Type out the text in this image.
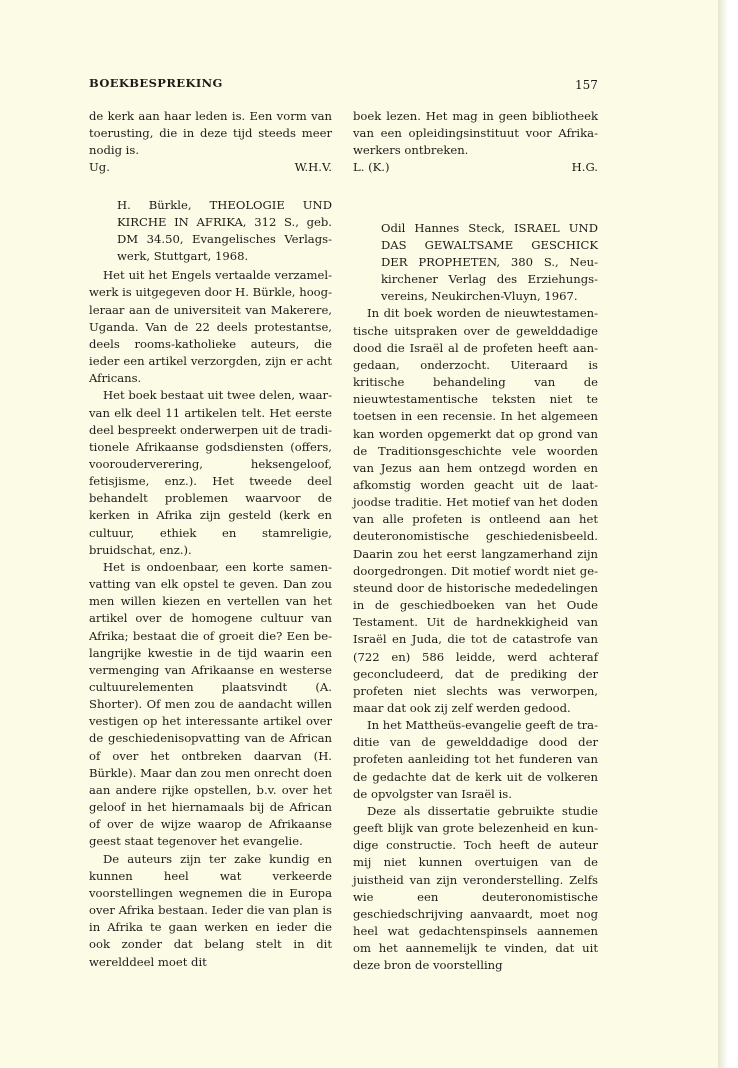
BOEKBESPREKING	157

de kerk aan haar leden is. Een vorm van toerusting, die in deze tijd steeds meer nodig is.

Ug.	W.H.V.

H. Bürkle, THEOLOGIE UND KIRCHE IN AFRIKA, 312 S., geb. DM 34.50, Evangelisches Verlagswerk, Stuttgart, 1968.

Het uit het Engels vertaalde verzamelwerk is uitgegeven door H. Bürkle, hoogleraar aan de universiteit van Makerere, Uganda. Van de 22 deels protestantse, deels rooms-katholieke auteurs, die ieder een artikel verzorgden, zijn er acht Africans.

Het boek bestaat uit twee delen, waarvan elk deel 11 artikelen telt. Het eerste deel bespreekt onderwerpen uit de traditionele Afrikaanse godsdiensten (offers, voorouderverering, heksengeloof, fetisjisme, enz.). Het tweede deel behandelt problemen waarvoor de kerken in Afrika zijn gesteld (kerk en cultuur, ethiek en stamreligie, bruidschat, enz.).

Het is ondoenbaar, een korte samenvatting van elk opstel te geven. Dan zou men willen kiezen en vertellen van het artikel over de homogene cultuur van Afrika; bestaat die of groeit die? Een belangrijke kwestie in de tijd waarin een vermenging van Afrikaanse en westerse cultuurelementen plaatsvindt (A. Shorter). Of men zou de aandacht willen vestigen op het interessante artikel over de geschiedenisopvatting van de African of over het ontbreken daarvan (H. Bürkle). Maar dan zou men onrecht doen aan andere rijke opstellen, b.v. over het geloof in het hiernamaals bij de African of over de wijze waarop de Afrikaanse geest staat tegenover het evangelie.

De auteurs zijn ter zake kundig en kunnen heel wat verkeerde voorstellingen wegnemen die in Europa over Afrika bestaan. Ieder die van plan is in Afrika te gaan werken en ieder die ook zonder dat belang stelt in dit werelddeel moet dit

boek lezen. Het mag in geen bibliotheek van een opleidingsinstituut voor Afrikawerkers ontbreken.

L. (K.)	H.G.

Odil Hannes Steck, ISRAEL UND DAS GEWALTSAME GESCHICK DER PROPHETEN, 380 S., Neukirchener Verlag des Erziehungsvereins, Neukirchen-Vluyn, 1967.

In dit boek worden de nieuwtestamentische uitspraken over de gewelddadige dood die Israël al de profeten heeft aangedaan, onderzocht. Uiteraard is kritische behandeling van de nieuwtestamentische teksten niet te toetsen in een recensie. In het algemeen kan worden opgemerkt dat op grond van de Traditionsgeschichte vele woorden van Jezus aan hem ontzegd worden en afkomstig worden geacht uit de laat-joodse traditie. Het motief van het doden van alle profeten is ontleend aan het deuteronomistische geschiedenisbeeld. Daarin zou het eerst langzamerhand zijn doorgedrongen. Dit motief wordt niet gesteund door de historische mededelingen in de geschiedboeken van het Oude Testament. Uit de hardnekkigheid van Israël en Juda, die tot de catastrofe van (722 en) 586 leidde, werd achteraf geconcludeerd, dat de prediking der profeten niet slechts was verworpen, maar dat ook zij zelf werden gedood.

In het Mattheüs-evangelie geeft de traditie van de gewelddadige dood der profeten aanleiding tot het funderen van de gedachte dat de kerk uit de volkeren de opvolgster van Israël is.

Deze als dissertatie gebruikte studie geeft blijk van grote belezenheid en kundige constructie. Toch heeft de auteur mij niet kunnen overtuigen van de juistheid van zijn veronderstelling. Zelfs wie een deuteronomistische geschiedschrijving aanvaardt, moet nog heel wat gedachtenspinsels aannemen om het aannemelijk te vinden, dat uit deze bron de voorstelling
